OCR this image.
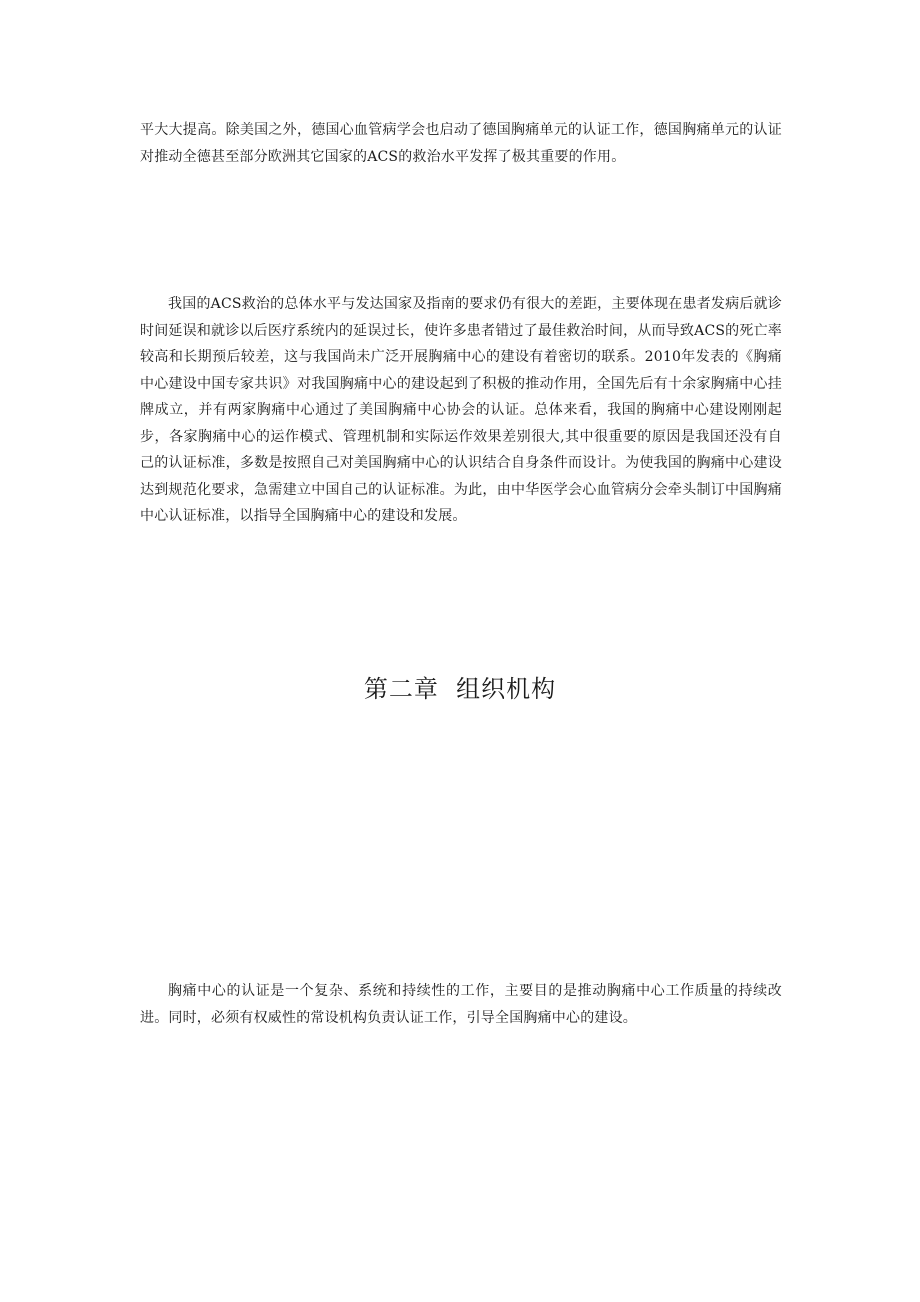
平大大提高。除美国之外，德国心血管病学会也启动了德国胸痛单元的认证工作，德国胸痛单元的认证对推动全德甚至部分欧洲其它国家的ACS的救治水平发挥了极其重要的作用。

我国的ACS救治的总体水平与发达国家及指南的要求仍有很大的差距，主要体现在患者发病后就诊时间延误和就诊以后医疗系统内的延误过长，使许多患者错过了最佳救治时间，从而导致ACS的死亡率较高和长期预后较差，这与我国尚未广泛开展胸痛中心的建设有着密切的联系。2010年发表的《胸痛中心建设中国专家共识》对我国胸痛中心的建设起到了积极的推动作用，全国先后有十余家胸痛中心挂牌成立，并有两家胸痛中心通过了美国胸痛中心协会的认证。总体来看，我国的胸痛中心建设刚刚起步，各家胸痛中心的运作模式、管理机制和实际运作效果差别很大,其中很重要的原因是我国还没有自己的认证标准，多数是按照自己对美国胸痛中心的认识结合自身条件而设计。为使我国的胸痛中心建设达到规范化要求，急需建立中国自己的认证标准。为此，由中华医学会心血管病分会牵头制订中国胸痛中心认证标准，以指导全国胸痛中心的建设和发展。

第二章  组织机构

胸痛中心的认证是一个复杂、系统和持续性的工作，主要目的是推动胸痛中心工作质量的持续改进。同时，必须有权威性的常设机构负责认证工作，引导全国胸痛中心的建设。
